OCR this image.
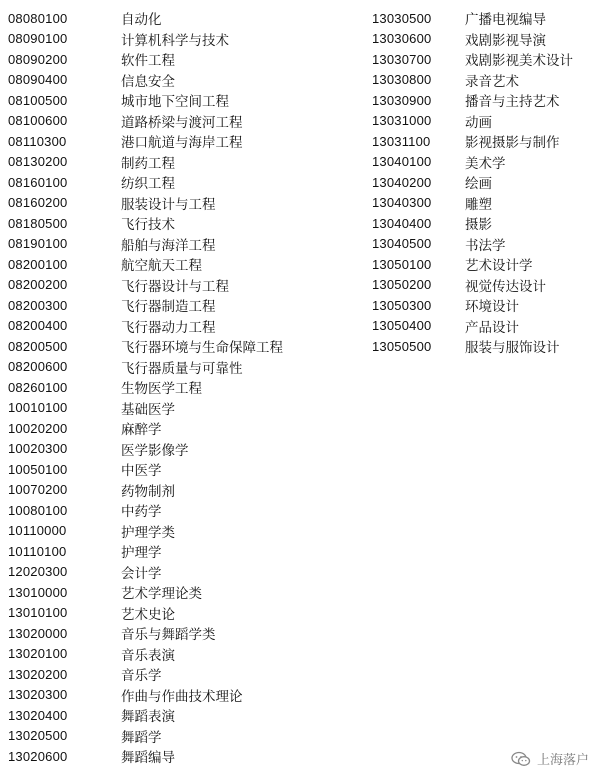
08080100	自动化
08090100	计算机科学与技术
08090200	软件工程
08090400	信息安全
08100500	城市地下空间工程
08100600	道路桥梁与渡河工程
08110300	港口航道与海岸工程
08130200	制药工程
08160100	纺织工程
08160200	服装设计与工程
08180500	飞行技术
08190100	船舶与海洋工程
08200100	航空航天工程
08200200	飞行器设计与工程
08200300	飞行器制造工程
08200400	飞行器动力工程
08200500	飞行器环境与生命保障工程
08200600	飞行器质量与可靠性
08260100	生物医学工程
10010100	基础医学
10020200	麻醉学
10020300	医学影像学
10050100	中医学
10070200	药物制剂
10080100	中药学
10110000	护理学类
10110100	护理学
12020300	会计学
13010000	艺术学理论类
13010100	艺术史论
13020000	音乐与舞蹈学类
13020100	音乐表演
13020200	音乐学
13020300	作曲与作曲技术理论
13020400	舞蹈表演
13020500	舞蹈学
13020600	舞蹈编导
13030500	广播电视编导
13030600	戏剧影视导演
13030700	戏剧影视美术设计
13030800	录音艺术
13030900	播音与主持艺术
13031000	动画
13031100	影视摄影与制作
13040100	美术学
13040200	绘画
13040300	雕塑
13040400	摄影
13040500	书法学
13050100	艺术设计学
13050200	视觉传达设计
13050300	环境设计
13050400	产品设计
13050500	服装与服饰设计
上海落户
